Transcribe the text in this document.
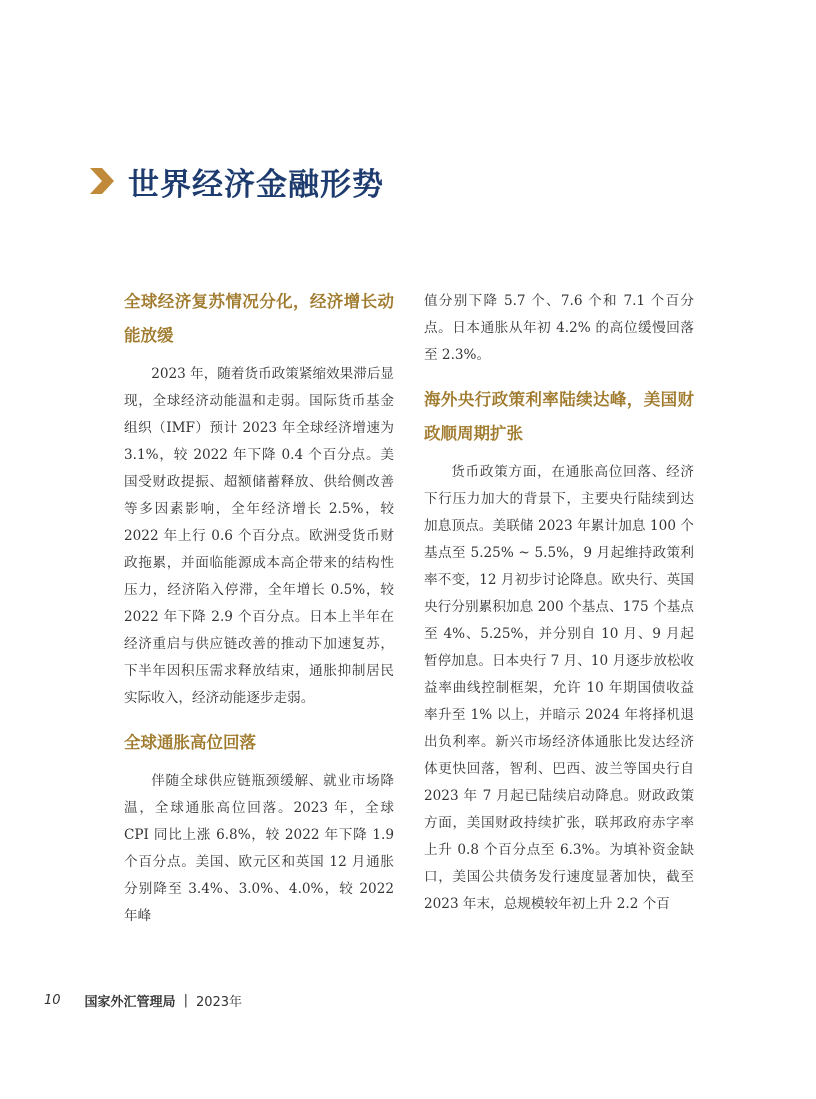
世界经济金融形势
全球经济复苏情况分化，经济增长动能放缓

2023 年，随着货币政策紧缩效果滞后显现，全球经济动能温和走弱。国际货币基金组织（IMF）预计 2023 年全球经济增速为 3.1%，较 2022 年下降 0.4 个百分点。美国受财政提振、超额储蓄释放、供给侧改善等多因素影响，全年经济增长 2.5%，较 2022 年上行 0.6 个百分点。欧洲受货币财政拖累，并面临能源成本高企带来的结构性压力，经济陷入停滞，全年增长 0.5%，较 2022 年下降 2.9 个百分点。日本上半年在经济重启与供应链改善的推动下加速复苏，下半年因积压需求释放结束，通胀抑制居民实际收入，经济动能逐步走弱。

全球通胀高位回落

伴随全球供应链瓶颈缓解、就业市场降温，全球通胀高位回落。2023 年，全球 CPI 同比上涨 6.8%，较 2022 年下降 1.9 个百分点。美国、欧元区和英国 12 月通胀分别降至 3.4%、3.0%、4.0%，较 2022 年峰

值分别下降 5.7 个、7.6 个和 7.1 个百分点。日本通胀从年初 4.2% 的高位缓慢回落至 2.3%。

海外央行政策利率陆续达峰，美国财政顺周期扩张

货币政策方面，在通胀高位回落、经济下行压力加大的背景下，主要央行陆续到达加息顶点。美联储 2023 年累计加息 100 个基点至 5.25% ~ 5.5%，9 月起维持政策利率不变，12 月初步讨论降息。欧央行、英国央行分别累积加息 200 个基点、175 个基点至 4%、5.25%，并分别自 10 月、9 月起暂停加息。日本央行 7 月、10 月逐步放松收益率曲线控制框架，允许 10 年期国债收益率升至 1% 以上，并暗示 2024 年将择机退出负利率。新兴市场经济体通胀比发达经济体更快回落，智利、巴西、波兰等国央行自 2023 年 7 月起已陆续启动降息。财政政策方面，美国财政持续扩张，联邦政府赤字率上升 0.8 个百分点至 6.3%。为填补资金缺口，美国公共债务发行速度显著加快，截至 2023 年末，总规模较年初上升 2.2 个百

10 国家外汇管理局 | 2023年
